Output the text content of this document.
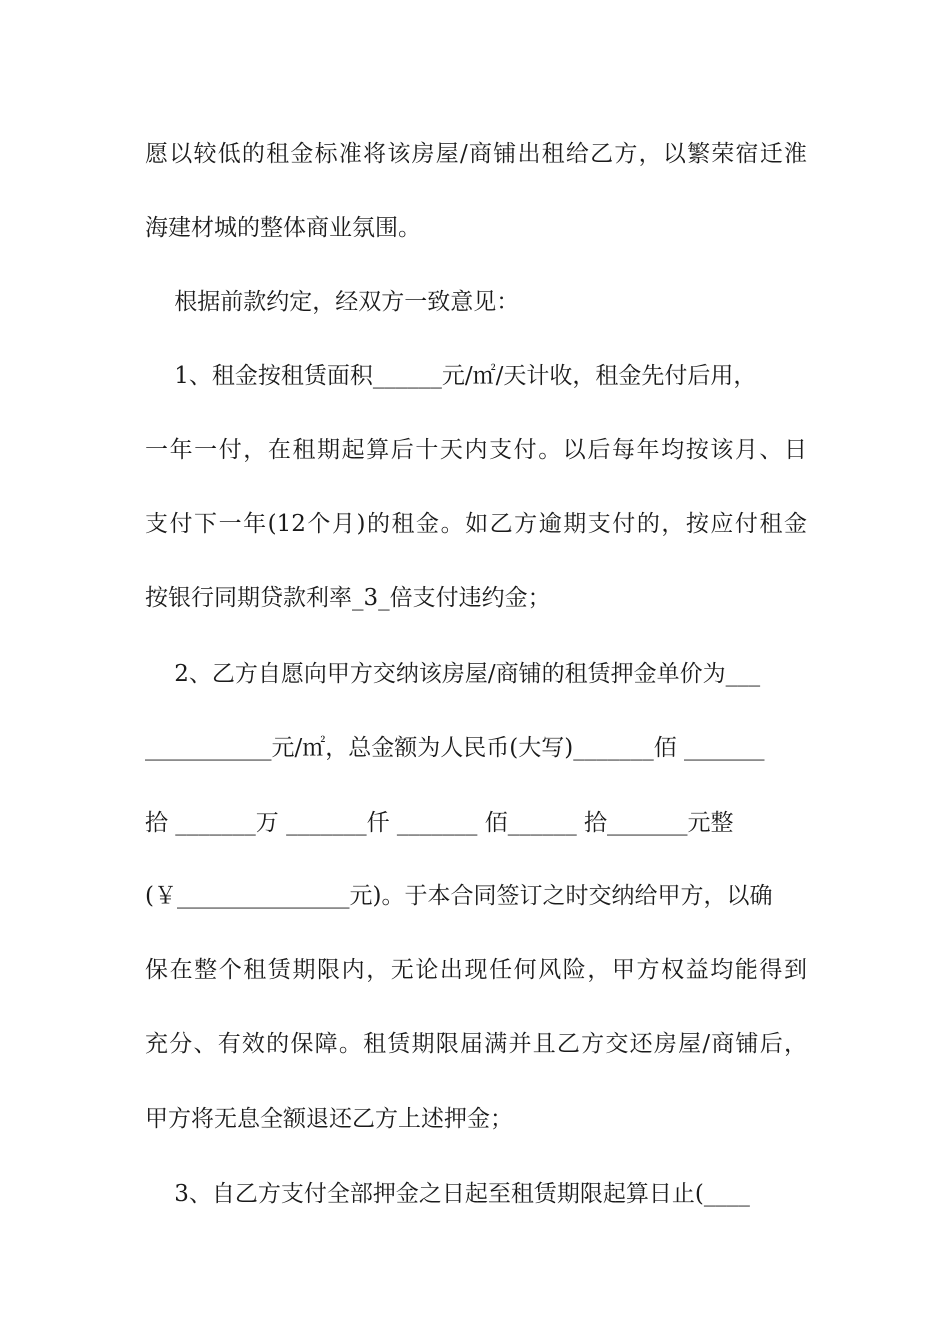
愿以较低的租金标准将该房屋/商铺出租给乙方，以繁荣宿迁淮
海建材城的整体商业氛围。
根据前款约定，经双方一致意见：
1、租金按租赁面积______元/㎡/天计收，租金先付后用，
一年一付，在租期起算后十天内支付。以后每年均按该月、日
支付下一年(12个月)的租金。如乙方逾期支付的，按应付租金
按银行同期贷款利率_3_倍支付违约金；
2、乙方自愿向甲方交纳该房屋/商铺的租赁押金单价为___
___________元/㎡，总金额为人民币(大写)_______佰 _______
拾 _______万 _______仟 _______ 佰______ 拾_______元整
(￥_______________元)。于本合同签订之时交纳给甲方，以确
保在整个租赁期限内，无论出现任何风险，甲方权益均能得到
充分、有效的保障。租赁期限届满并且乙方交还房屋/商铺后，
甲方将无息全额退还乙方上述押金；
3、自乙方支付全部押金之日起至租赁期限起算日止(____
